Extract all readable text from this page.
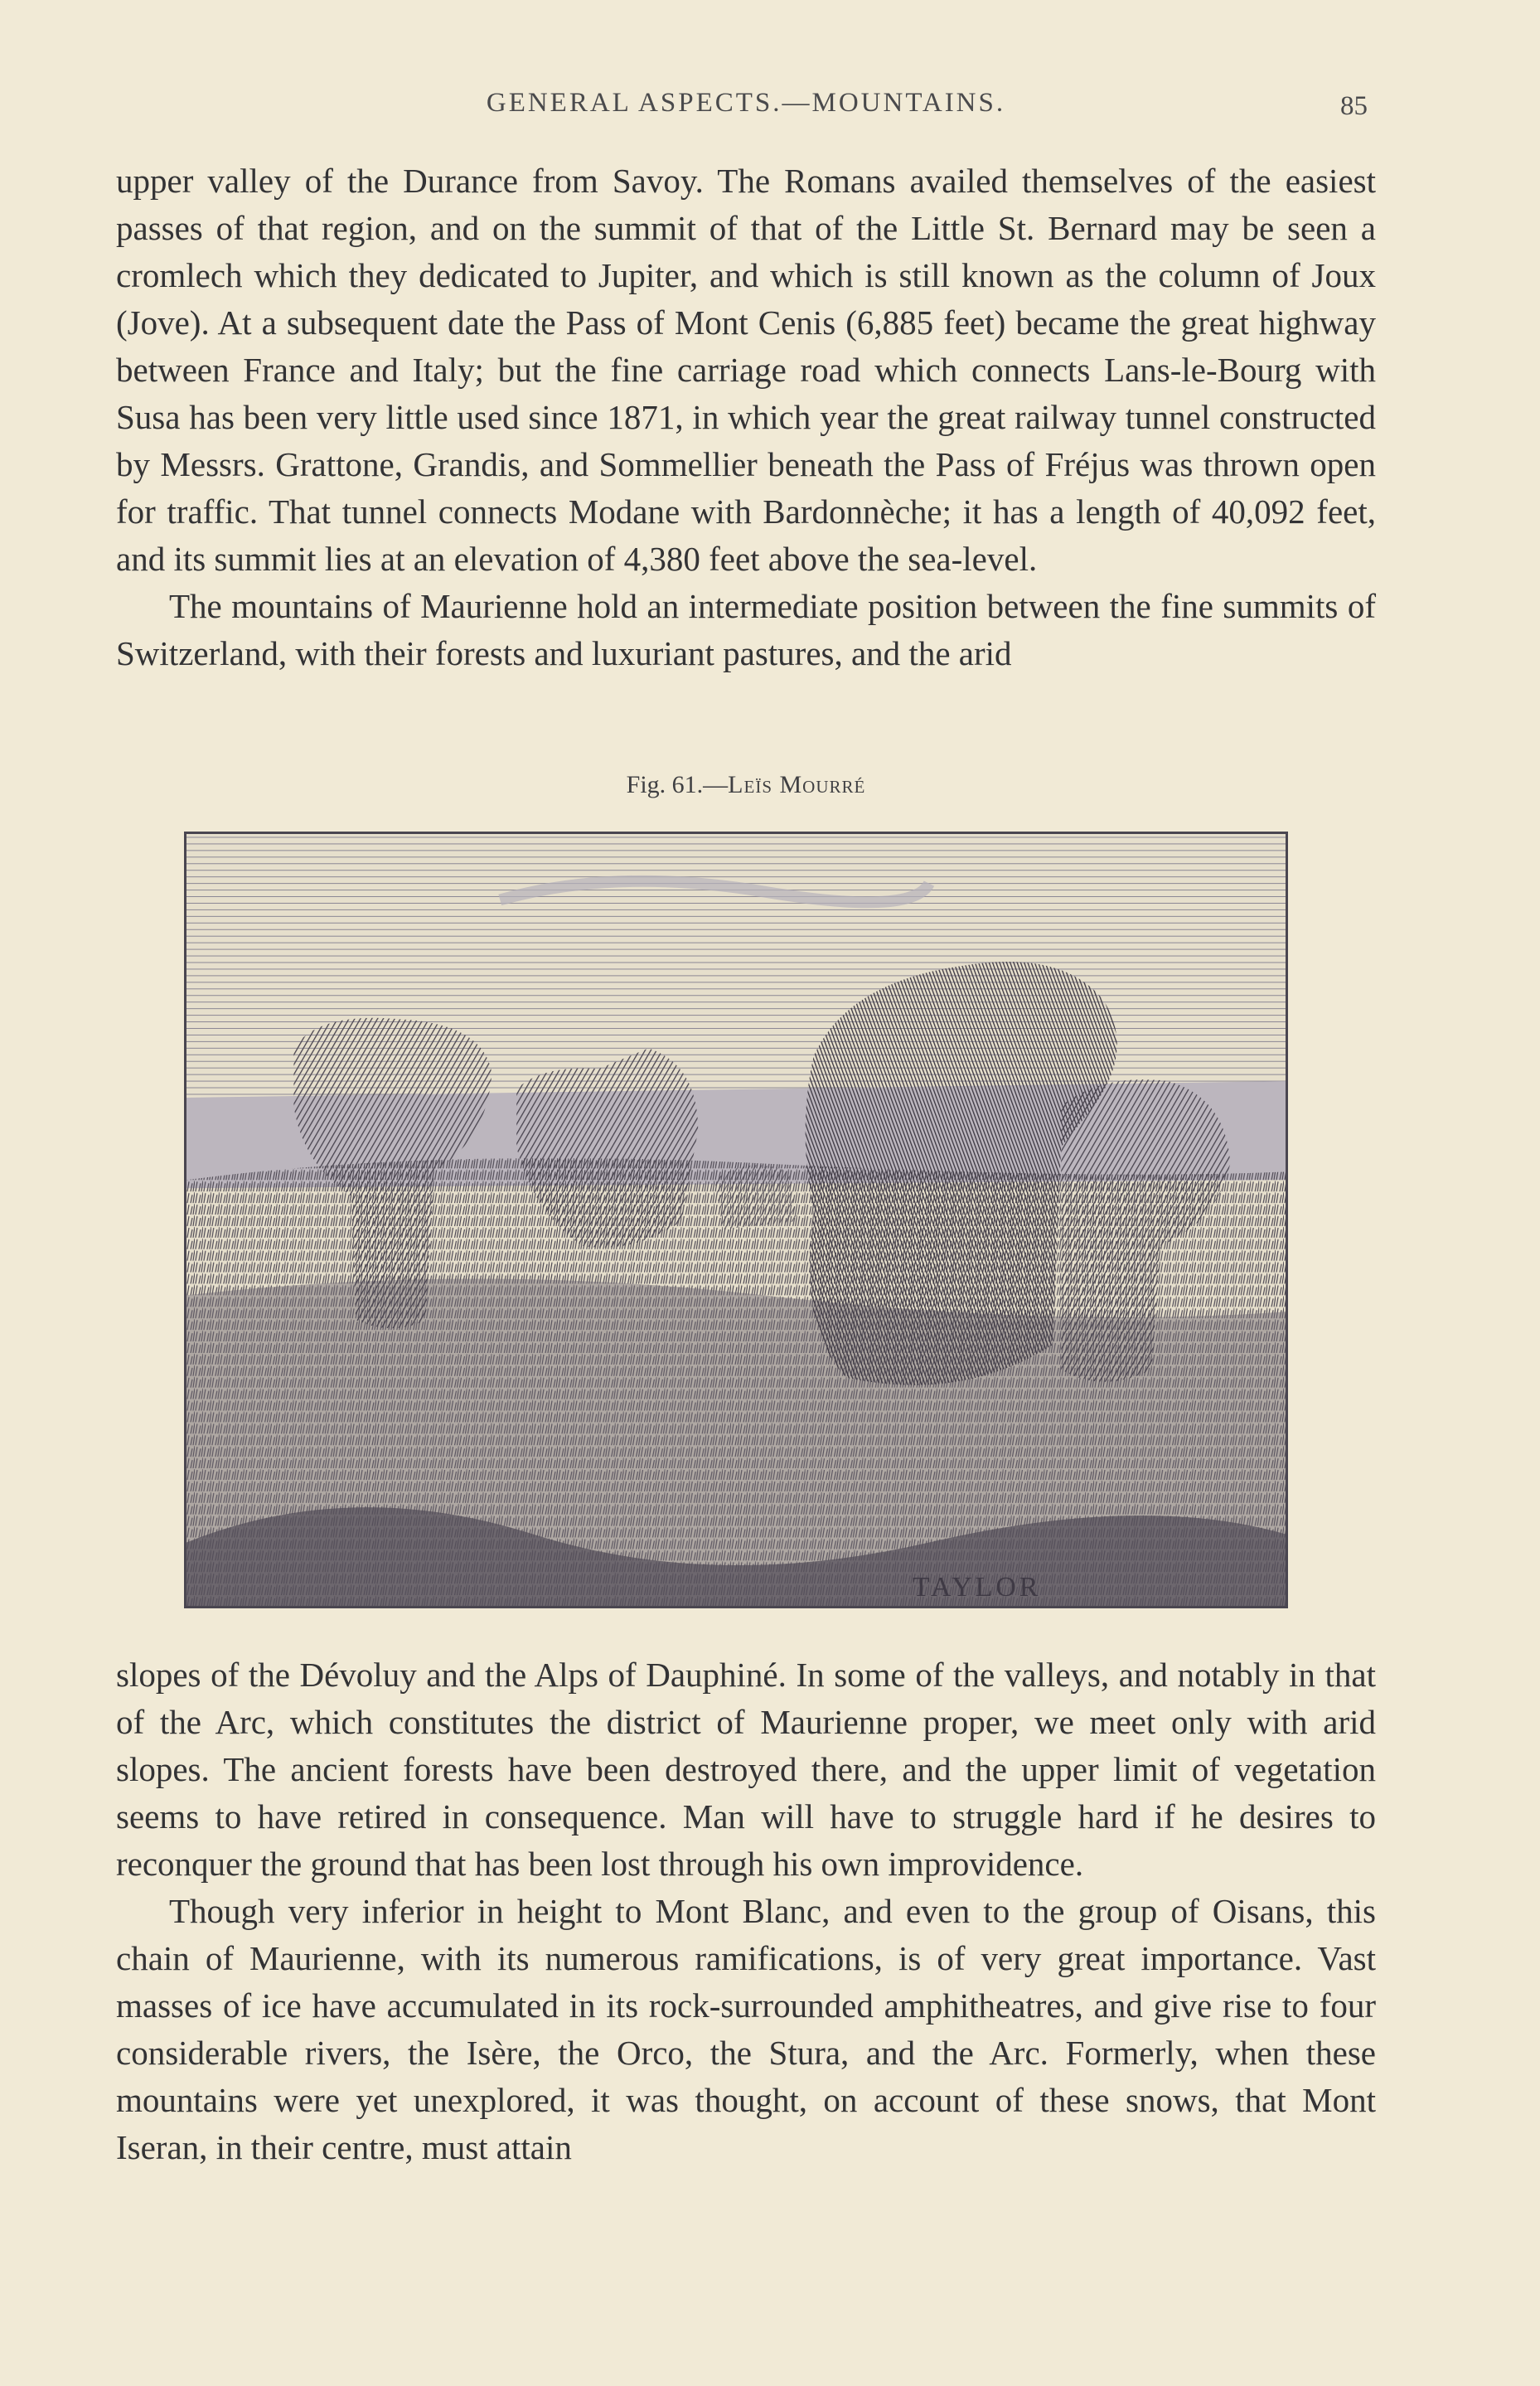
GENERAL ASPECTS.—MOUNTAINS.	85

upper valley of the Durance from Savoy. The Romans availed themselves of the easiest passes of that region, and on the summit of that of the Little St. Bernard may be seen a cromlech which they dedicated to Jupiter, and which is still known as the column of Joux (Jove). At a subsequent date the Pass of Mont Cenis (6,885 feet) became the great highway between France and Italy; but the fine carriage road which connects Lans-le-Bourg with Susa has been very little used since 1871, in which year the great railway tunnel constructed by Messrs. Grattone, Grandis, and Sommellier beneath the Pass of Fréjus was thrown open for traffic. That tunnel connects Modane with Bardonnèche; it has a length of 40,092 feet, and its summit lies at an elevation of 4,380 feet above the sea-level.

The mountains of Maurienne hold an intermediate position between the fine summits of Switzerland, with their forests and luxuriant pastures, and the arid

Fig. 61.—Leïs Mourré
TAYLOR

slopes of the Dévoluy and the Alps of Dauphiné. In some of the valleys, and notably in that of the Arc, which constitutes the district of Maurienne proper, we meet only with arid slopes. The ancient forests have been destroyed there, and the upper limit of vegetation seems to have retired in consequence. Man will have to struggle hard if he desires to reconquer the ground that has been lost through his own improvidence.

Though very inferior in height to Mont Blanc, and even to the group of Oisans, this chain of Maurienne, with its numerous ramifications, is of very great importance. Vast masses of ice have accumulated in its rock-surrounded amphitheatres, and give rise to four considerable rivers, the Isère, the Orco, the Stura, and the Arc. Formerly, when these mountains were yet unexplored, it was thought, on account of these snows, that Mont Iseran, in their centre, must attain
